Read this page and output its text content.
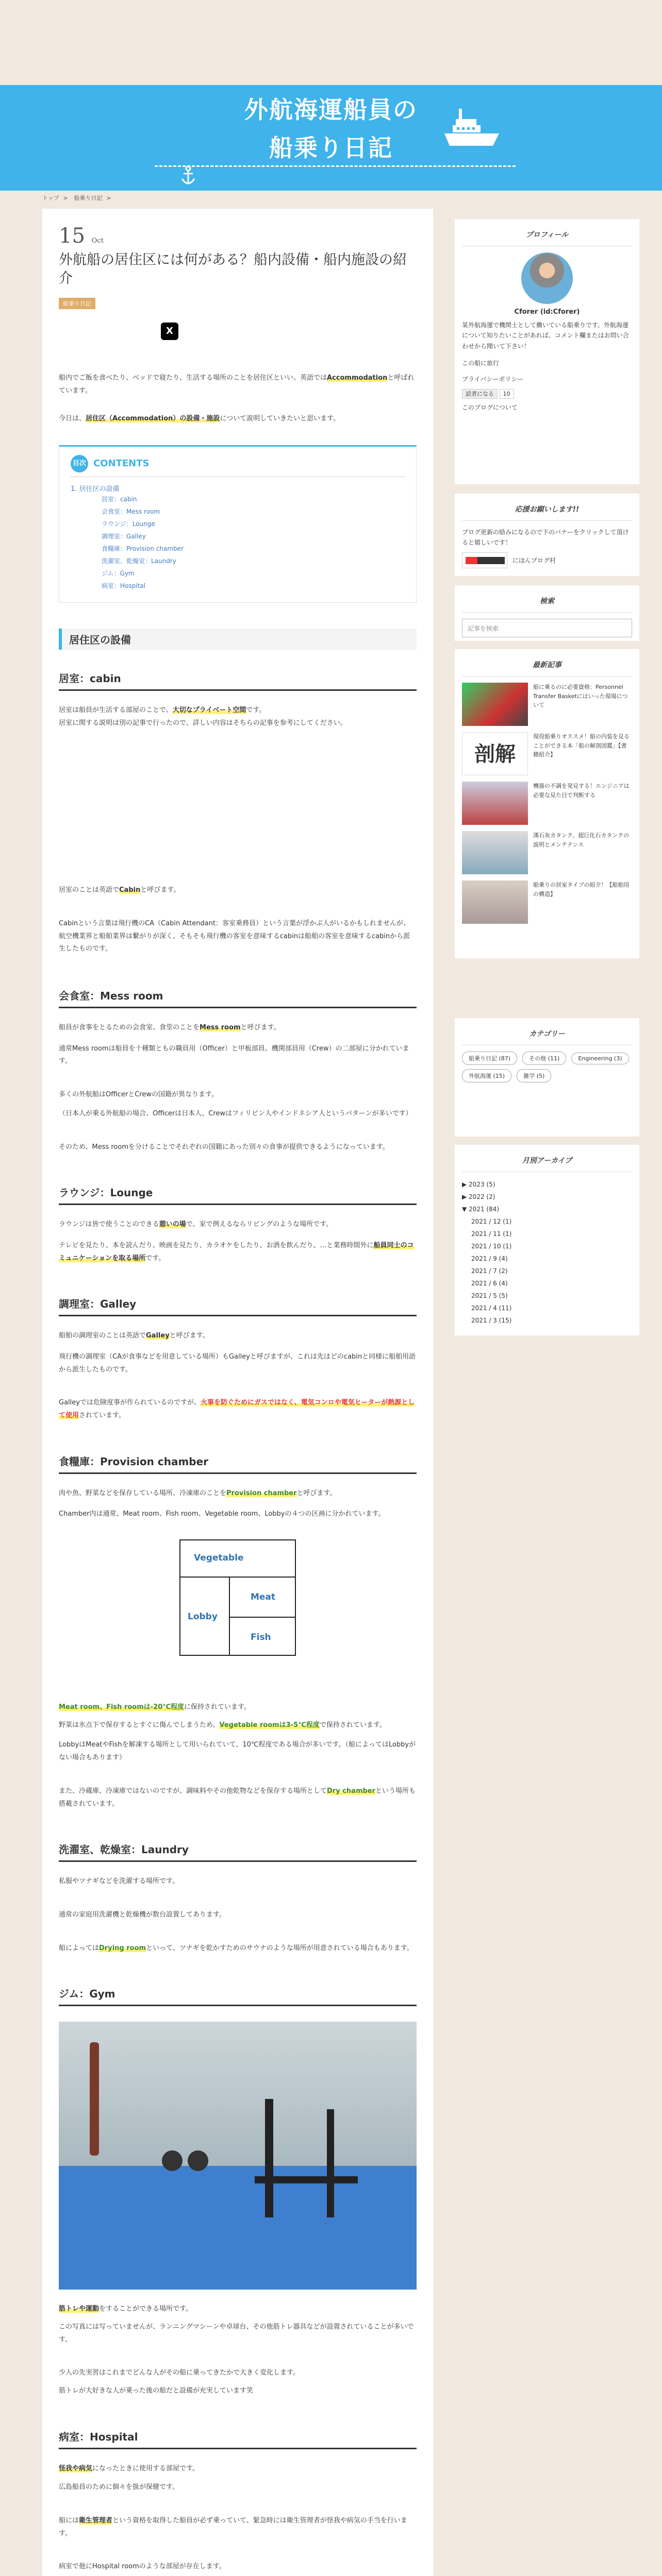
外航海運船員の
船乗り日記
トップ > 船乗り日記 >
15 Oct
外航船の居住区には何がある？船内設備・船内施設の紹介
船乗り日記
X

船内でご飯を食べたり、ベッドで寝たり、生活する場所のことを居住区といい、英語ではAccommodationと呼ばれています。

今日は、居住区（Accommodation）の設備・施設について説明していきたいと思います。

目次 CONTENTS
1. 居住区の設備
居室：cabin
会食室：Mess room
ラウンジ：Lounge
調理室：Galley
食糧庫：Provision chamber
洗濯室、乾燥室：Laundry
ジム：Gym
病室：Hospital
居住区の設備
居室：cabin

居室は船員が生活する部屋のことで、大切なプライベート空間です。

居室に関する説明は別の記事で行ったので、詳しい内容はそちらの記事を参考にしてください。

居室のことは英語でCabinと呼びます。

Cabinという言葉は飛行機のCA（Cabin Attendant：客室乗務員）という言葉が浮かぶ人がいるかもしれませんが、航空機業界と船舶業界は繋がりが深く、そもそも飛行機の客室を意味するcabinは船舶の客室を意味するcabinから派生したものです。

会食室：Mess room

船員が食事をとるための会食室、食堂のことをMess roomと呼びます。

通常Mess roomは船員を十種類ともの職員用（Officer）と甲板部員、機関部員用（Crew）の二部屋に分かれています。

多くの外航船はOfficerとCrewの国籍が異なります。

（日本人が乗る外航船の場合、Officerは日本人、Crewはフィリピン人やインドネシア人というパターンが多いです）

そのため、Mess roomを分けることでそれぞれの国籍にあった別々の食事が提供できるようになっています。

ラウンジ：Lounge

ラウンジは皆で使うことのできる憩いの場で、家で例えるならリビングのような場所です。

テレビを見たり、本を読んだり、映画を見たり、カラオケをしたり、お酒を飲んだり、…と業務時間外に船員同士のコミュニケーションを取る場所です。

調理室：Galley

船舶の調理室のことは英語でGalleyと呼びます。

飛行機の調理室（CAが食事などを用意している場所）もGalleyと呼びますが、これは先ほどのcabinと同様に船舶用語から派生したものです。

Galleyでは危険度事が作られているのですが、火事を防ぐためにガスではなく、電気コンロや電気ヒーターが熱源として使用されています。

食糧庫：Provision chamber

肉や魚、野菜などを保存している場所、冷凍庫のことをProvision chamberと呼びます。

Chamber内は通常、Meat room、Fish room、Vegetable room、Lobbyの４つの区画に分かれています。

Vegetable
Meat
Fish
Lobby

Meat room、Fish roomは-20℃程度に保持されています。

野菜は氷点下で保存するとすぐに傷んでしまうため、Vegetable roomは3-5℃程度で保持されています。

LobbyはMeatやFishを解凍する場所として用いられていて、10℃程度である場合が多いです。（船によってはLobbyがない場合もあります）

また、冷蔵庫、冷凍庫ではないのですが、調味料やその他乾物などを保存する場所としてDry chamberという場所も搭載されています。

洗濯室、乾燥室：Laundry

私服やツナギなどを洗濯する場所です。

通常の家庭用洗濯機と乾燥機が数台設置してあります。

船によってはDrying roomといって、ツナギを乾かすためのサウナのような場所が用意されている場合もあります。

ジム：Gym

筋トレや運動をすることができる場所です。

この写真には写っていませんが、ランニングマシーンや卓球台、その他筋トレ器具などが設置されていることが多いです。

少人の先実習はこれまでどんな人がその船に乗ってきたかで大きく変化します。

筋トレが大好きな人が乗った後の船だと設備が充実しています笑

病室：Hospital

怪我や病気になったときに使用する部屋です。

広島船員のために個々を扱が保健です。

船には衛生管理者という資格を取得した船員が必ず乗っていて、緊急時には衛生管理者が怪我や病気の手当を行います。

病室で他にHospital roomのような部屋が存在します。

プロフィール
Cforer (id:Cforer)

某外航海運で機関士として働いている船乗りです。外航海運について知りたいことがあれば、コメント欄またはお問い合わせから聞いて下さい！

この船に旅行

プライバシーポリシー

読者になる 10

このブログについて

応援お願いします!!

ブログ更新の励みになるので下のバナーをクリックして頂けると嬉しいです！

にほんブログ村
検索
記事を検索
最新記事

船に乗るのに必要資格：Personnel Transfer Basketにはいった現場について

剖解

現役船乗りオススメ！船の内装を見ることができる本「船の解剖図鑑」【書籍紹介】

機器の不調を発見する！エンジニアは必要な見た目で判断する

漢石灰カタンク、超巨化石カタンクの説明とメンテナンス

船乗りの居室タイプの紹介！【船舶用の構造】

カテゴリー
船乗り日記 (87)	その他 (11)	Engineering (3) 外航海運 (15)	雑学 (5)
月別アーカイブ
▶ 2023 (5)
▶ 2022 (2)
▼ 2021 (84)
2021 / 12 (1)
2021 / 11 (1)
2021 / 10 (1)
2021 / 9 (4)
2021 / 7 (2)
2021 / 6 (4)
2021 / 5 (5)
2021 / 4 (11)
2021 / 3 (15)
